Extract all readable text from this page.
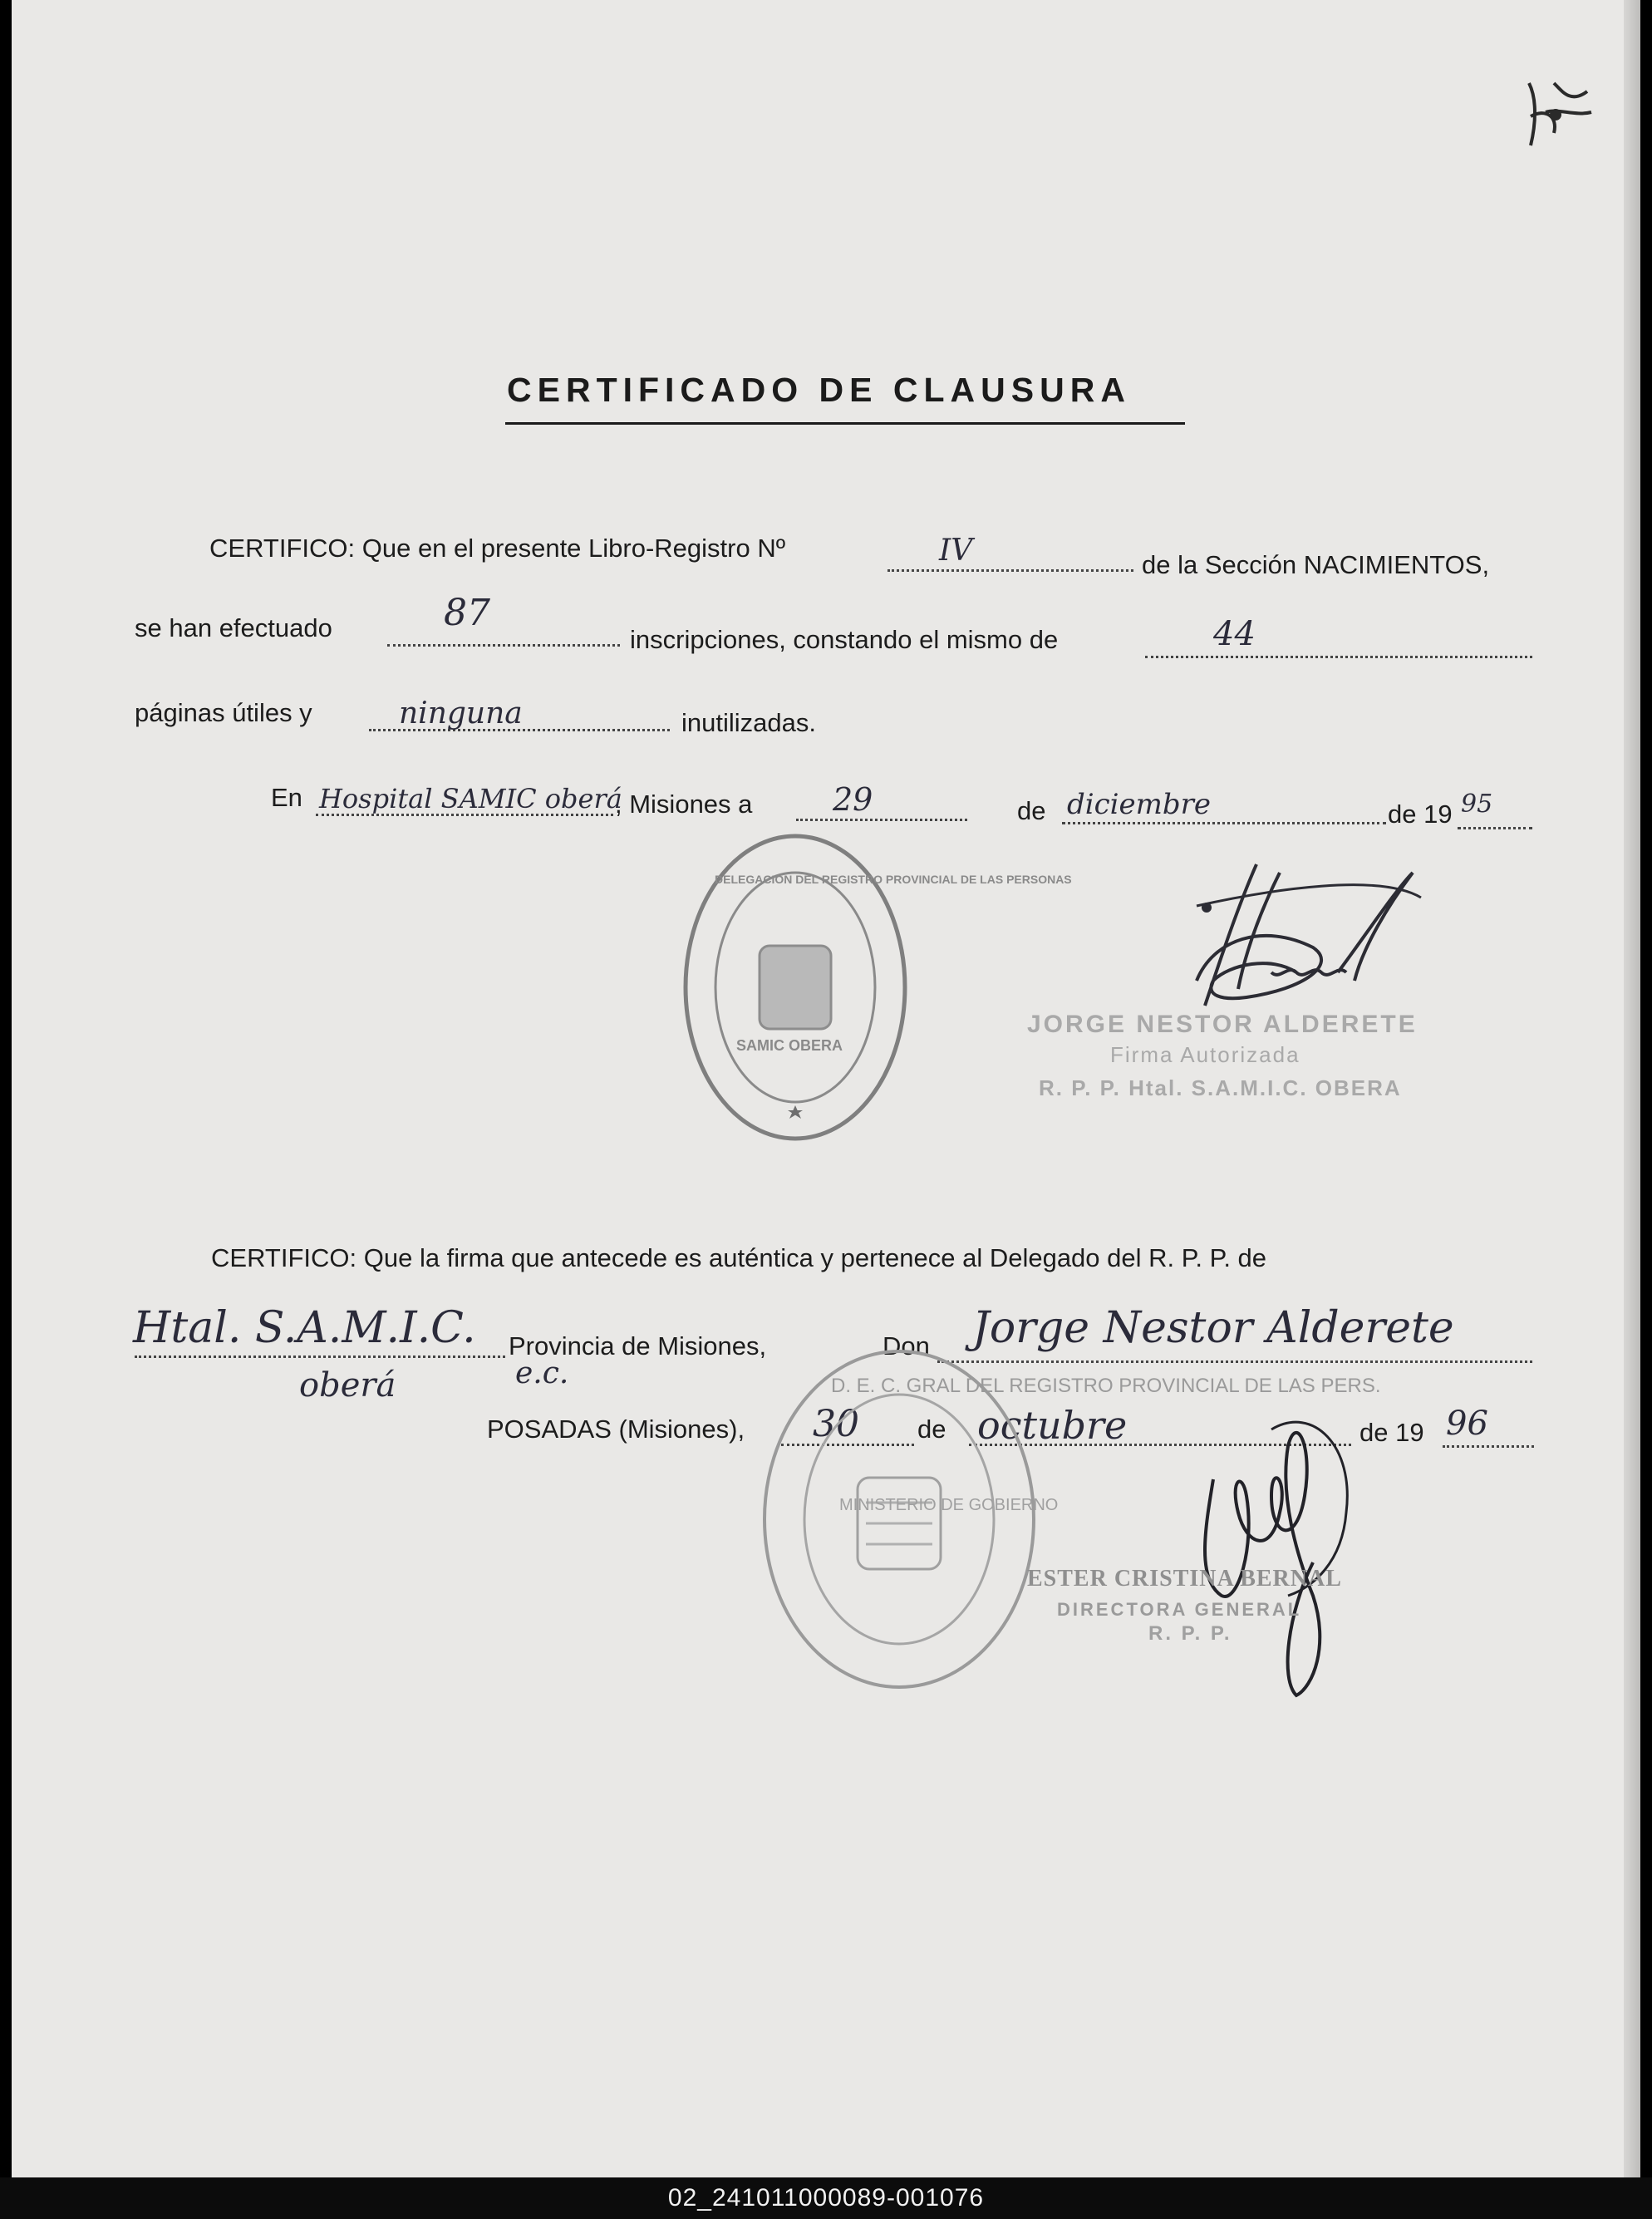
CERTIFICADO DE CLAUSURA
CERTIFICO: Que en el presente Libro-Registro Nº	IV	de la Sección NACIMIENTOS,
se han efectuado	87
inscripciones, constando el mismo de	44
páginas útiles y	ninguna	inutilizadas.
En Hospital SAMIC oberá
, Misiones a	29	de diciembre	de 19 95
DELEGACION DEL REGISTRO PROVINCIAL DE LAS PERSONAS
SAMIC OBERA
JORGE NESTOR ALDERETE
Firma Autorizada
R. P. P. Htal. S.A.M.I.C. OBERA
CERTIFICO: Que la firma que antecede es auténtica y pertenece al Delegado del R. P. P. de
Htal. S.A.M.I.C.
oberá
Provincia de Misiones,	Don Jorge Nestor Alderete
e.c.
POSADAS (Misiones), 30 de octubre	de 19 96
D. E. C. GRAL DEL REGISTRO PROVINCIAL DE LAS PERS.
MINISTERIO DE GOBIERNO
ESTER CRISTINA BERNAL
DIRECTORA GENERAL
R. P. P.
02_241011000089-001076
